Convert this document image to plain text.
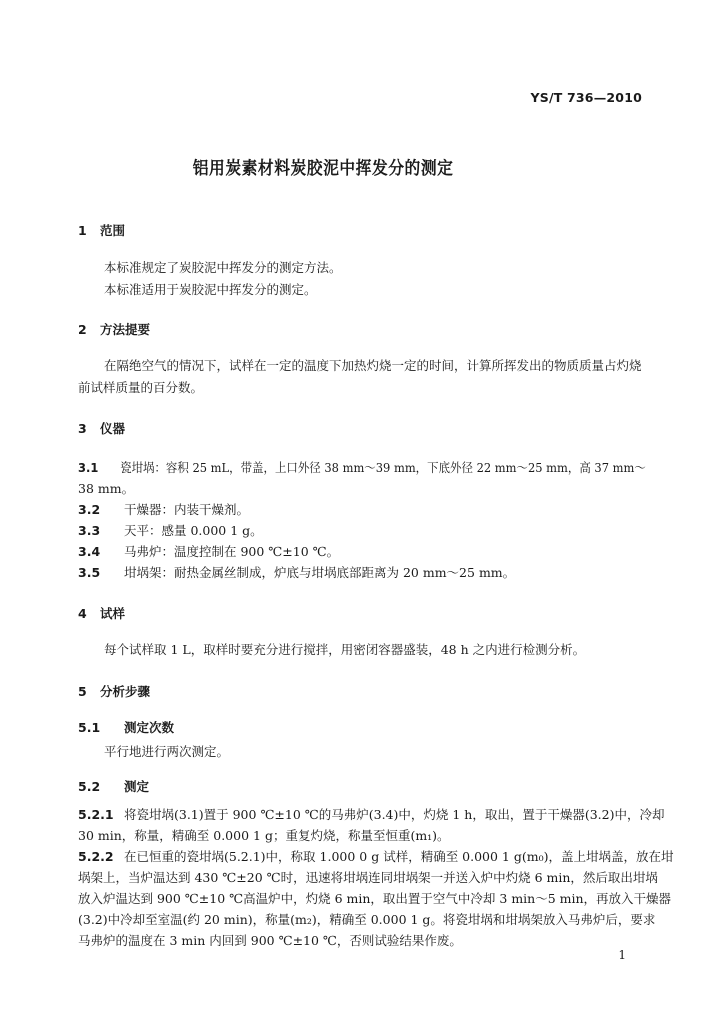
YS/T 736—2010
铝用炭素材料炭胶泥中挥发分的测定
1 范围
本标准规定了炭胶泥中挥发分的测定方法。
本标准适用于炭胶泥中挥发分的测定。
2 方法提要
在隔绝空气的情况下，试样在一定的温度下加热灼烧一定的时间，计算所挥发出的物质质量占灼烧
前试样质量的百分数。
3 仪器
3.1 瓷坩埚：容积 25 mL，带盖，上口外径 38 mm～39 mm，下底外径 22 mm～25 mm，高 37 mm～
38 mm。
3.2 干燥器：内装干燥剂。
3.3 天平：感量 0.000 1 g。
3.4 马弗炉：温度控制在 900 ℃±10 ℃。
3.5 坩埚架：耐热金属丝制成，炉底与坩埚底部距离为 20 mm～25 mm。
4 试样
每个试样取 1 L，取样时要充分进行搅拌，用密闭容器盛装，48 h 之内进行检测分析。
5 分析步骤
5.1 测定次数
平行地进行两次测定。
5.2 测定
5.2.1 将瓷坩埚(3.1)置于 900 ℃±10 ℃的马弗炉(3.4)中，灼烧 1 h，取出，置于干燥器(3.2)中，冷却
30 min，称量，精确至 0.000 1 g；重复灼烧，称量至恒重(m₁)。
5.2.2 在已恒重的瓷坩埚(5.2.1)中，称取 1.000 0 g 试样，精确至 0.000 1 g(m₀)，盖上坩埚盖，放在坩
埚架上，当炉温达到 430 ℃±20 ℃时，迅速将坩埚连同坩埚架一并送入炉中灼烧 6 min，然后取出坩埚
放入炉温达到 900 ℃±10 ℃高温炉中，灼烧 6 min，取出置于空气中冷却 3 min～5 min，再放入干燥器
(3.2)中冷却至室温(约 20 min)，称量(m₂)，精确至 0.000 1 g。将瓷坩埚和坩埚架放入马弗炉后，要求
马弗炉的温度在 3 min 内回到 900 ℃±10 ℃，否则试验结果作废。
1
